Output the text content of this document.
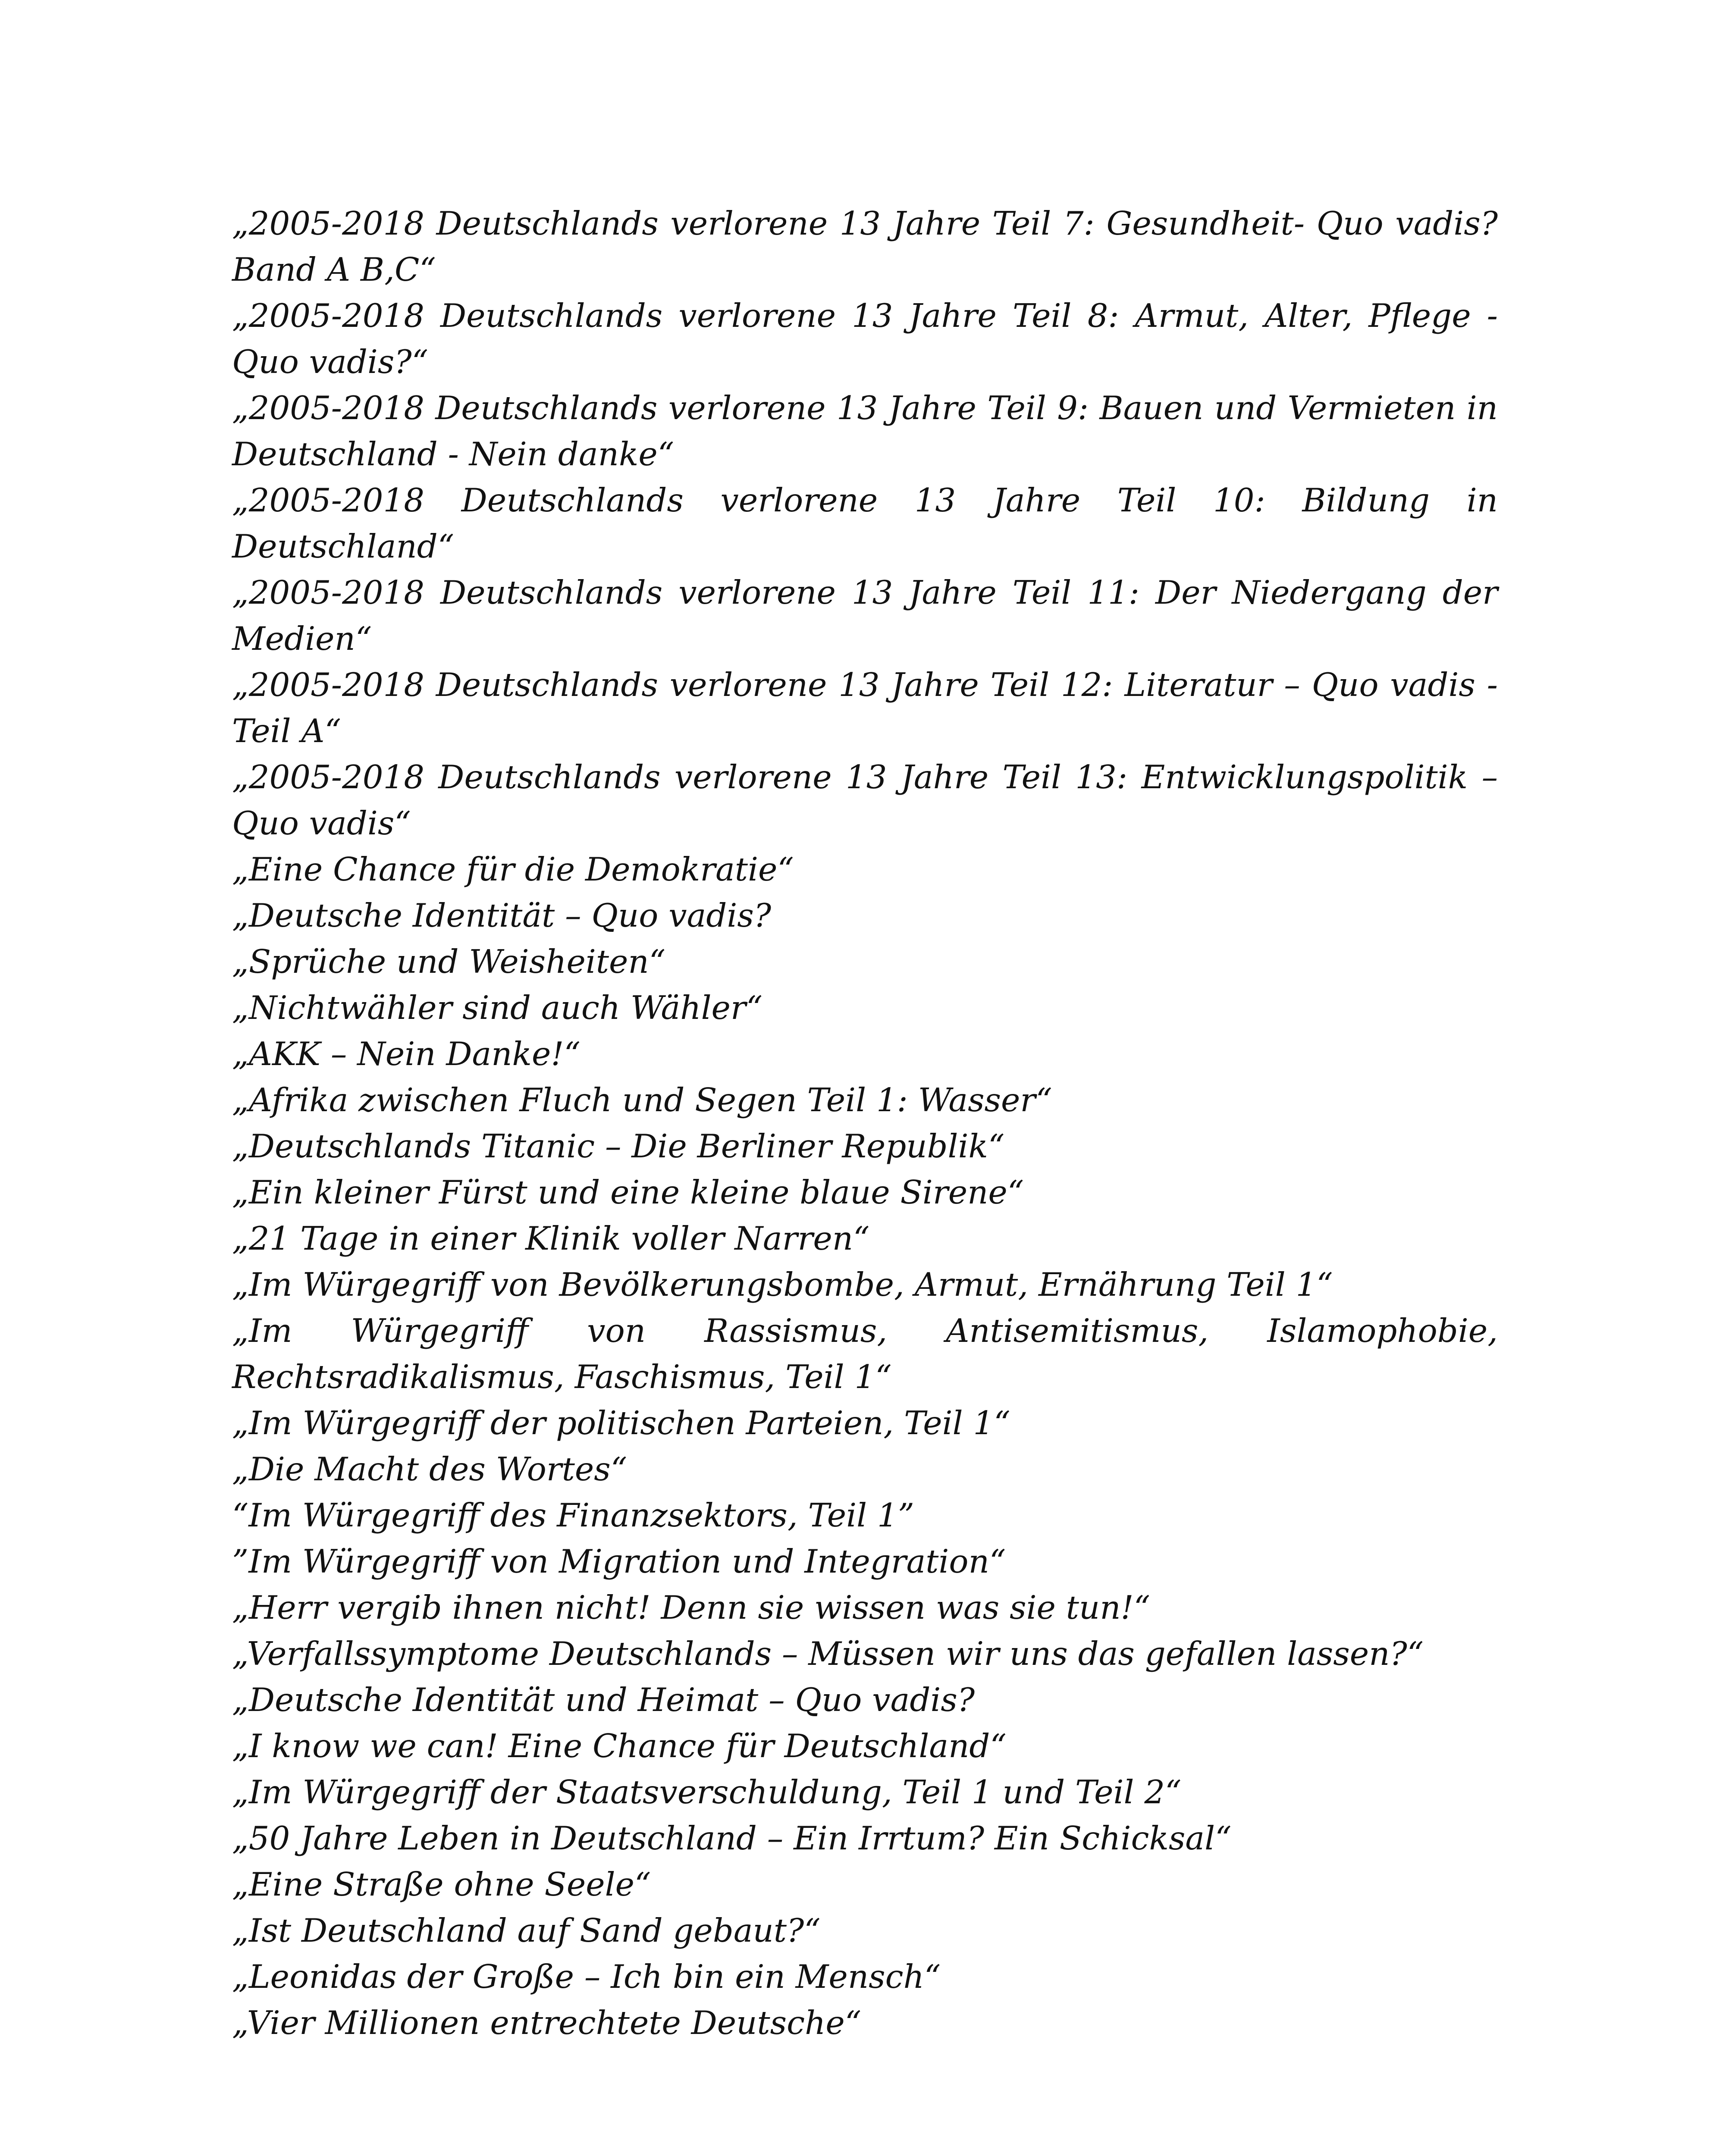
„2005-2018 Deutschlands verlorene 13 Jahre Teil 7: Gesundheit- Quo vadis? Band A B,C“
„2005-2018 Deutschlands verlorene 13 Jahre Teil 8: Armut, Alter, Pflege - Quo vadis?“
„2005-2018 Deutschlands verlorene 13 Jahre Teil 9: Bauen und Vermieten in Deutschland - Nein danke“
„2005-2018 Deutschlands verlorene 13 Jahre Teil 10: Bildung in Deutschland“
„2005-2018 Deutschlands verlorene 13 Jahre Teil 11: Der Niedergang der Medien“
„2005-2018 Deutschlands verlorene 13 Jahre Teil 12: Literatur – Quo vadis - Teil A“
„2005-2018 Deutschlands verlorene 13 Jahre Teil 13: Entwicklungspolitik – Quo vadis“
„Eine Chance für die Demokratie“
„Deutsche Identität – Quo vadis?
„Sprüche und Weisheiten“
„Nichtwähler sind auch Wähler“
„AKK – Nein Danke!“
„Afrika zwischen Fluch und Segen Teil 1: Wasser“
„Deutschlands Titanic – Die Berliner Republik“
„Ein kleiner Fürst und eine kleine blaue Sirene“
„21 Tage in einer Klinik voller Narren“
„Im Würgegriff von Bevölkerungsbombe, Armut, Ernährung Teil 1“
„Im Würgegriff von Rassismus, Antisemitismus, Islamophobie, Rechtsradikalismus, Faschismus, Teil 1“
„Im Würgegriff der politischen Parteien, Teil 1“
„Die Macht des Wortes“
“Im Würgegriff des Finanzsektors, Teil 1”
”Im Würgegriff von Migration und Integration“
„Herr vergib ihnen nicht! Denn sie wissen was sie tun!“
„Verfallssymptome Deutschlands – Müssen wir uns das gefallen lassen?“
„Deutsche Identität und Heimat – Quo vadis?
„I know we can! Eine Chance für Deutschland“
„Im Würgegriff der Staatsverschuldung, Teil 1 und Teil 2“
„50 Jahre Leben in Deutschland – Ein Irrtum? Ein Schicksal“
„Eine Straße ohne Seele“
„Ist Deutschland auf Sand gebaut?“
„Leonidas der Große – Ich bin ein Mensch“
„Vier Millionen entrechtete Deutsche“
